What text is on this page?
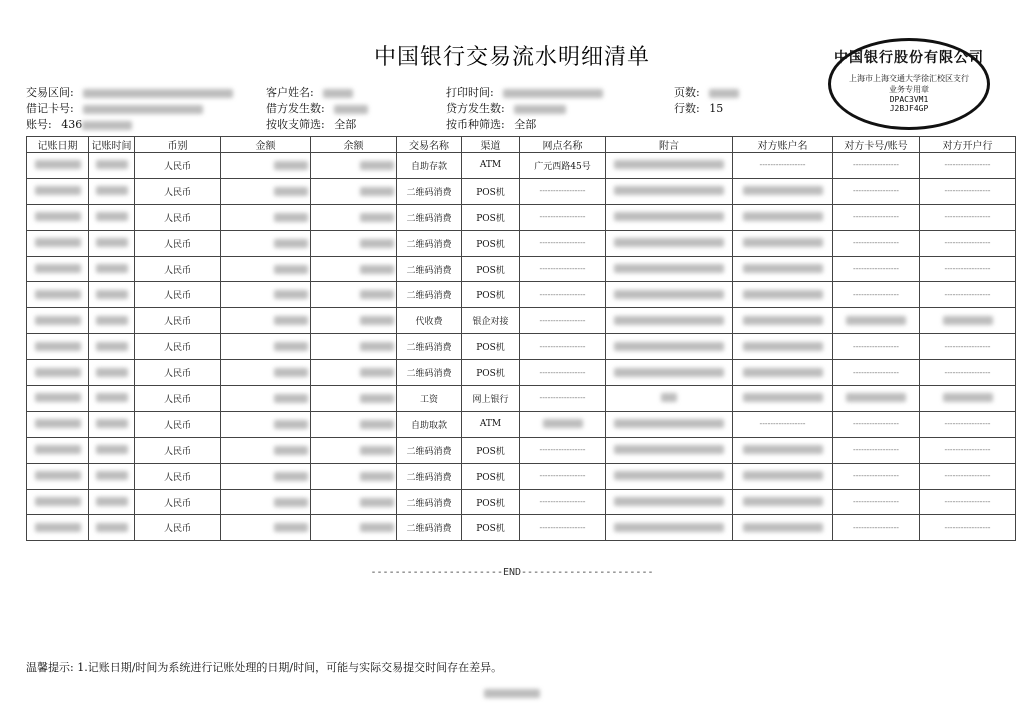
中国银行交易流水明细清单
交易区间:
借记卡号:
账号: 436
客户姓名:
借方发生数:
按收支筛选: 全部
打印时间:
贷方发生数:
按币种筛选: 全部
页数:
行数: 15
中国银行股份有限公司
上海市上海交通大学徐汇校区支行
业务专用章
DPAC3VM1
J2BJF4GP
记账日期	记账时间	币别	金额	余额	交易名称	渠道	网点名称	附言	对方账户名	对方卡号/账号	对方开户行
		人民币			自助存款	ATM	广元西路45号		-----------------	-----------------	-----------------
		人民币			二维码消费	POS机	-----------------			-----------------	-----------------
		人民币			二维码消费	POS机	-----------------			-----------------	-----------------
		人民币			二维码消费	POS机	-----------------			-----------------	-----------------
		人民币			二维码消费	POS机	-----------------			-----------------	-----------------
		人民币			二维码消费	POS机	-----------------			-----------------	-----------------
		人民币			代收费	银企对接	-----------------				
		人民币			二维码消费	POS机	-----------------			-----------------	-----------------
		人民币			二维码消费	POS机	-----------------			-----------------	-----------------
		人民币			工资	网上银行	-----------------				
		人民币			自助取款	ATM			-----------------	-----------------	-----------------
		人民币			二维码消费	POS机	-----------------			-----------------	-----------------
		人民币			二维码消费	POS机	-----------------			-----------------	-----------------
		人民币			二维码消费	POS机	-----------------			-----------------	-----------------
		人民币			二维码消费	POS机	-----------------			-----------------	-----------------
----------------------END----------------------
温馨提示: 1.记账日期/时间为系统进行记账处理的日期/时间，可能与实际交易提交时间存在差异。
